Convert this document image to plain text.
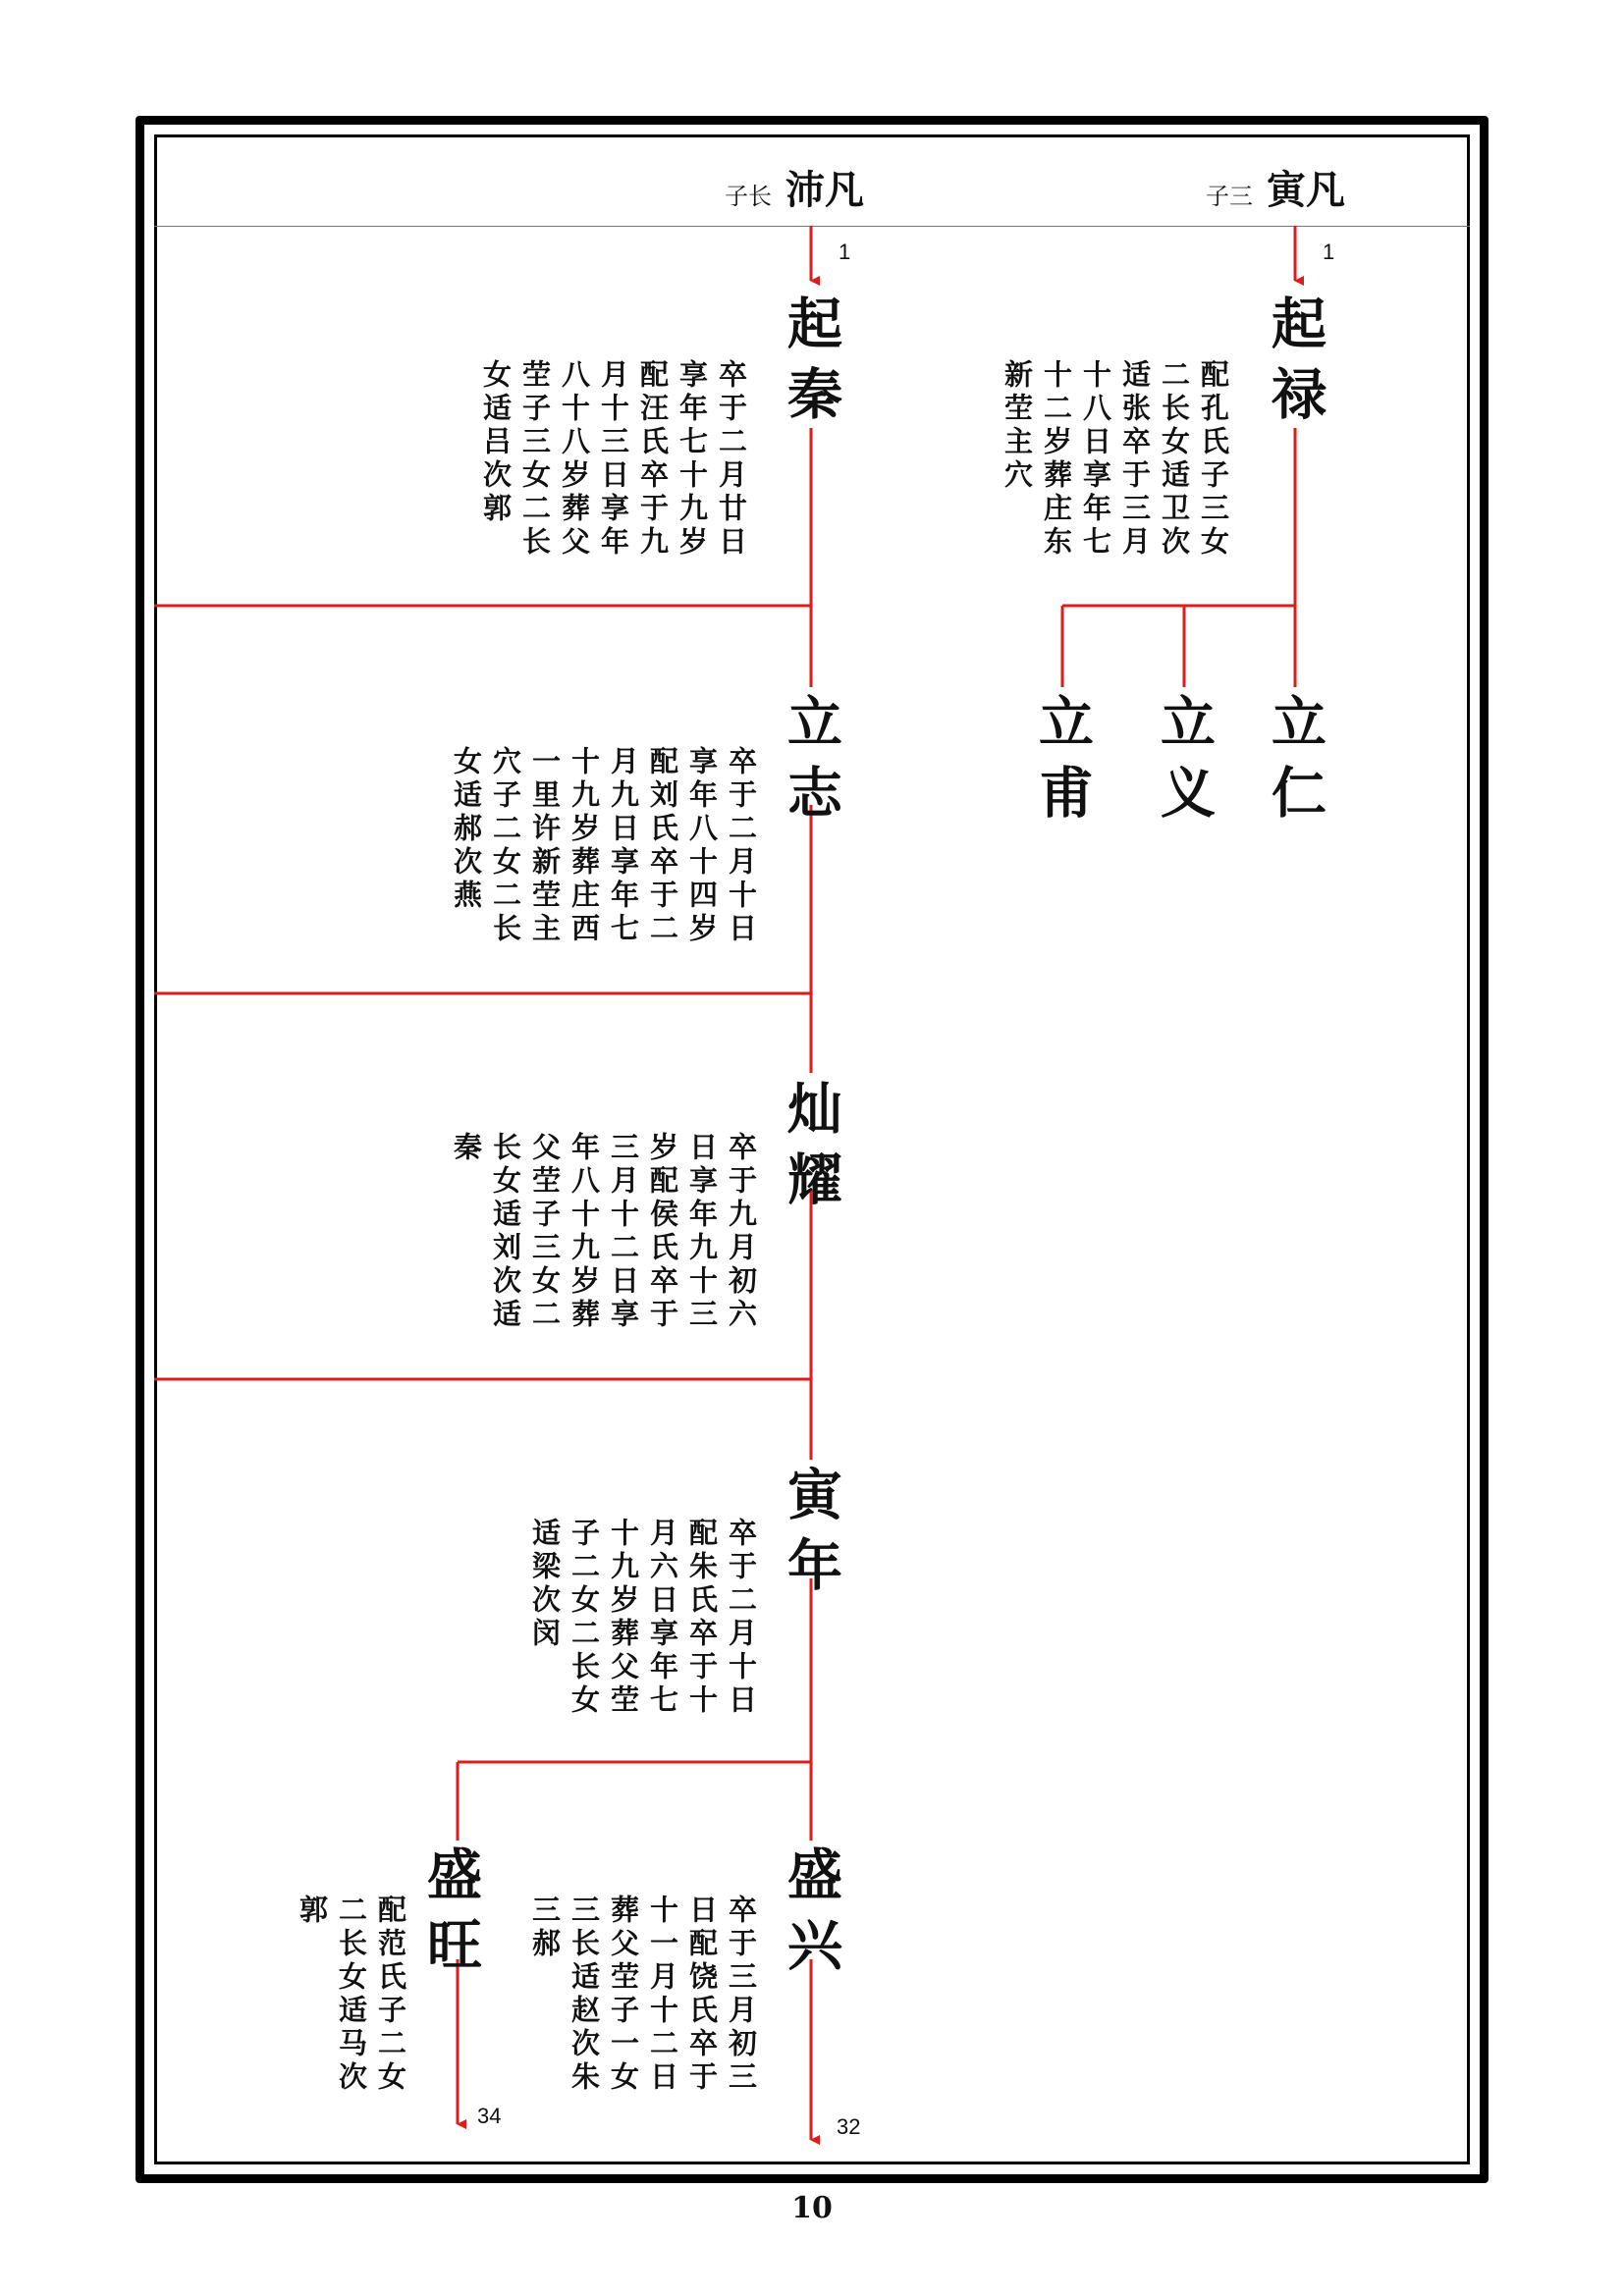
子长 沛凡	子三 寅凡
1	1
32
34
起秦
卒于二月廿日享年七十九岁配汪氏卒于九月十三日享年八十八岁葬父茔子三女二长女适吕次郭	起禄
配孔氏子三女二长女适卫次适张卒于三月十八日享年七十二岁葬庄东新茔主穴
立仁
立义
立甫
立志
卒于二月十日享年八十四岁配刘氏卒于二月九日享年七十九岁葬庄西一里许新茔主穴子二女二长女适郝次燕
灿耀
卒于九月初六日享年九十三岁配侯氏卒于三月十二日享年八十九岁葬父茔子三女二长女适刘次适秦
寅年
卒于二月十日配朱氏卒于十月六日享年七十九岁葬父茔子二女二长女适梁次闵
盛兴
卒于三月初三日配饶氏卒于十一月十二日葬父茔子一女三长适赵次朱三郝
盛旺
配范氏子二女二长女适马次郭
10
